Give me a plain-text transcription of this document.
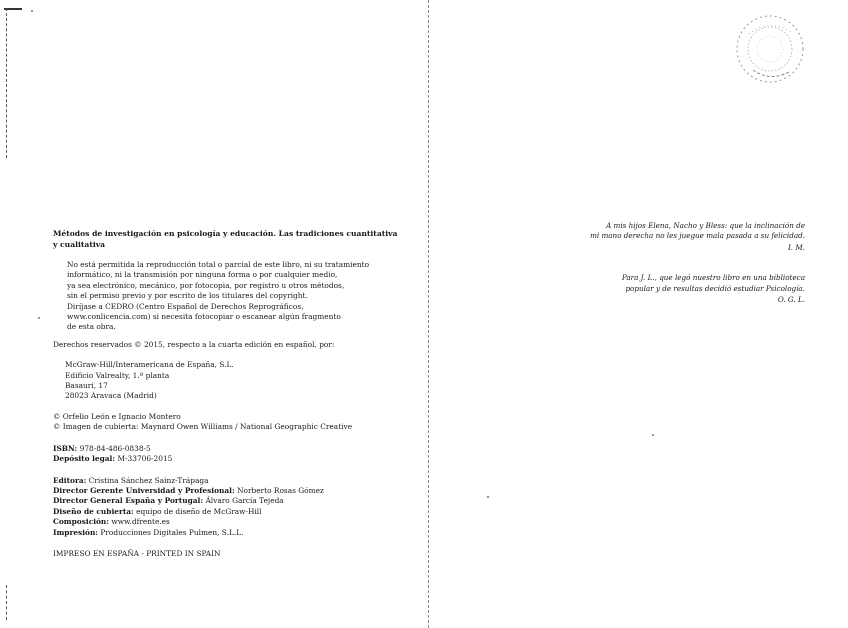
Métodos de investigación en psicología y educación. Las tradiciones cuantitativa y cualitativa
No está permitida la reproducción total o parcial de este libro, ni su tratamiento
informático, ni la transmisión por ninguna forma o por cualquier medio,
ya sea electrónico, mecánico, por fotocopia, por registro u otros métodos,
sin el permiso previo y por escrito de los titulares del copyright.
Diríjase a CEDRO (Centro Español de Derechos Reprográficos,
www.conlicencia.com) si necesita fotocopiar o escanear algún fragmento
de esta obra.
Derechos reservados © 2015, respecto a la cuarta edición en español, por:
McGraw-Hill/Interamericana de España, S.L.
Edificio Valrealty, 1.ª planta
Basauri, 17
28023 Aravaca (Madrid)
© Orfelio León e Ignacio Montero
© Imagen de cubierta: Maynard Owen Williams / National Geographic Creative
ISBN: 978-84-486-0838-5
Depósito legal: M-33706-2015
Editora: Cristina Sánchez Sainz-Trápaga
Director Gerente Universidad y Profesional: Norberto Rosas Gómez
Director General España y Portugal: Álvaro García Tejeda
Diseño de cubierta: equipo de diseño de McGraw-Hill
Composición: www.dfrente.es
Impresión: Producciones Digitales Pulmen, S.L.L.
IMPRESO EN ESPAÑA - PRINTED IN SPAIN
A mis hijos Elena, Nacho y Bless: que la inclinación de
mi mano derecha no les juegue mala pasada a su felicidad.
I. M.
Para J. L., que legó nuestro libro en una biblioteca
popular y de resultas decidió estudiar Psicología.
O. G. L.
